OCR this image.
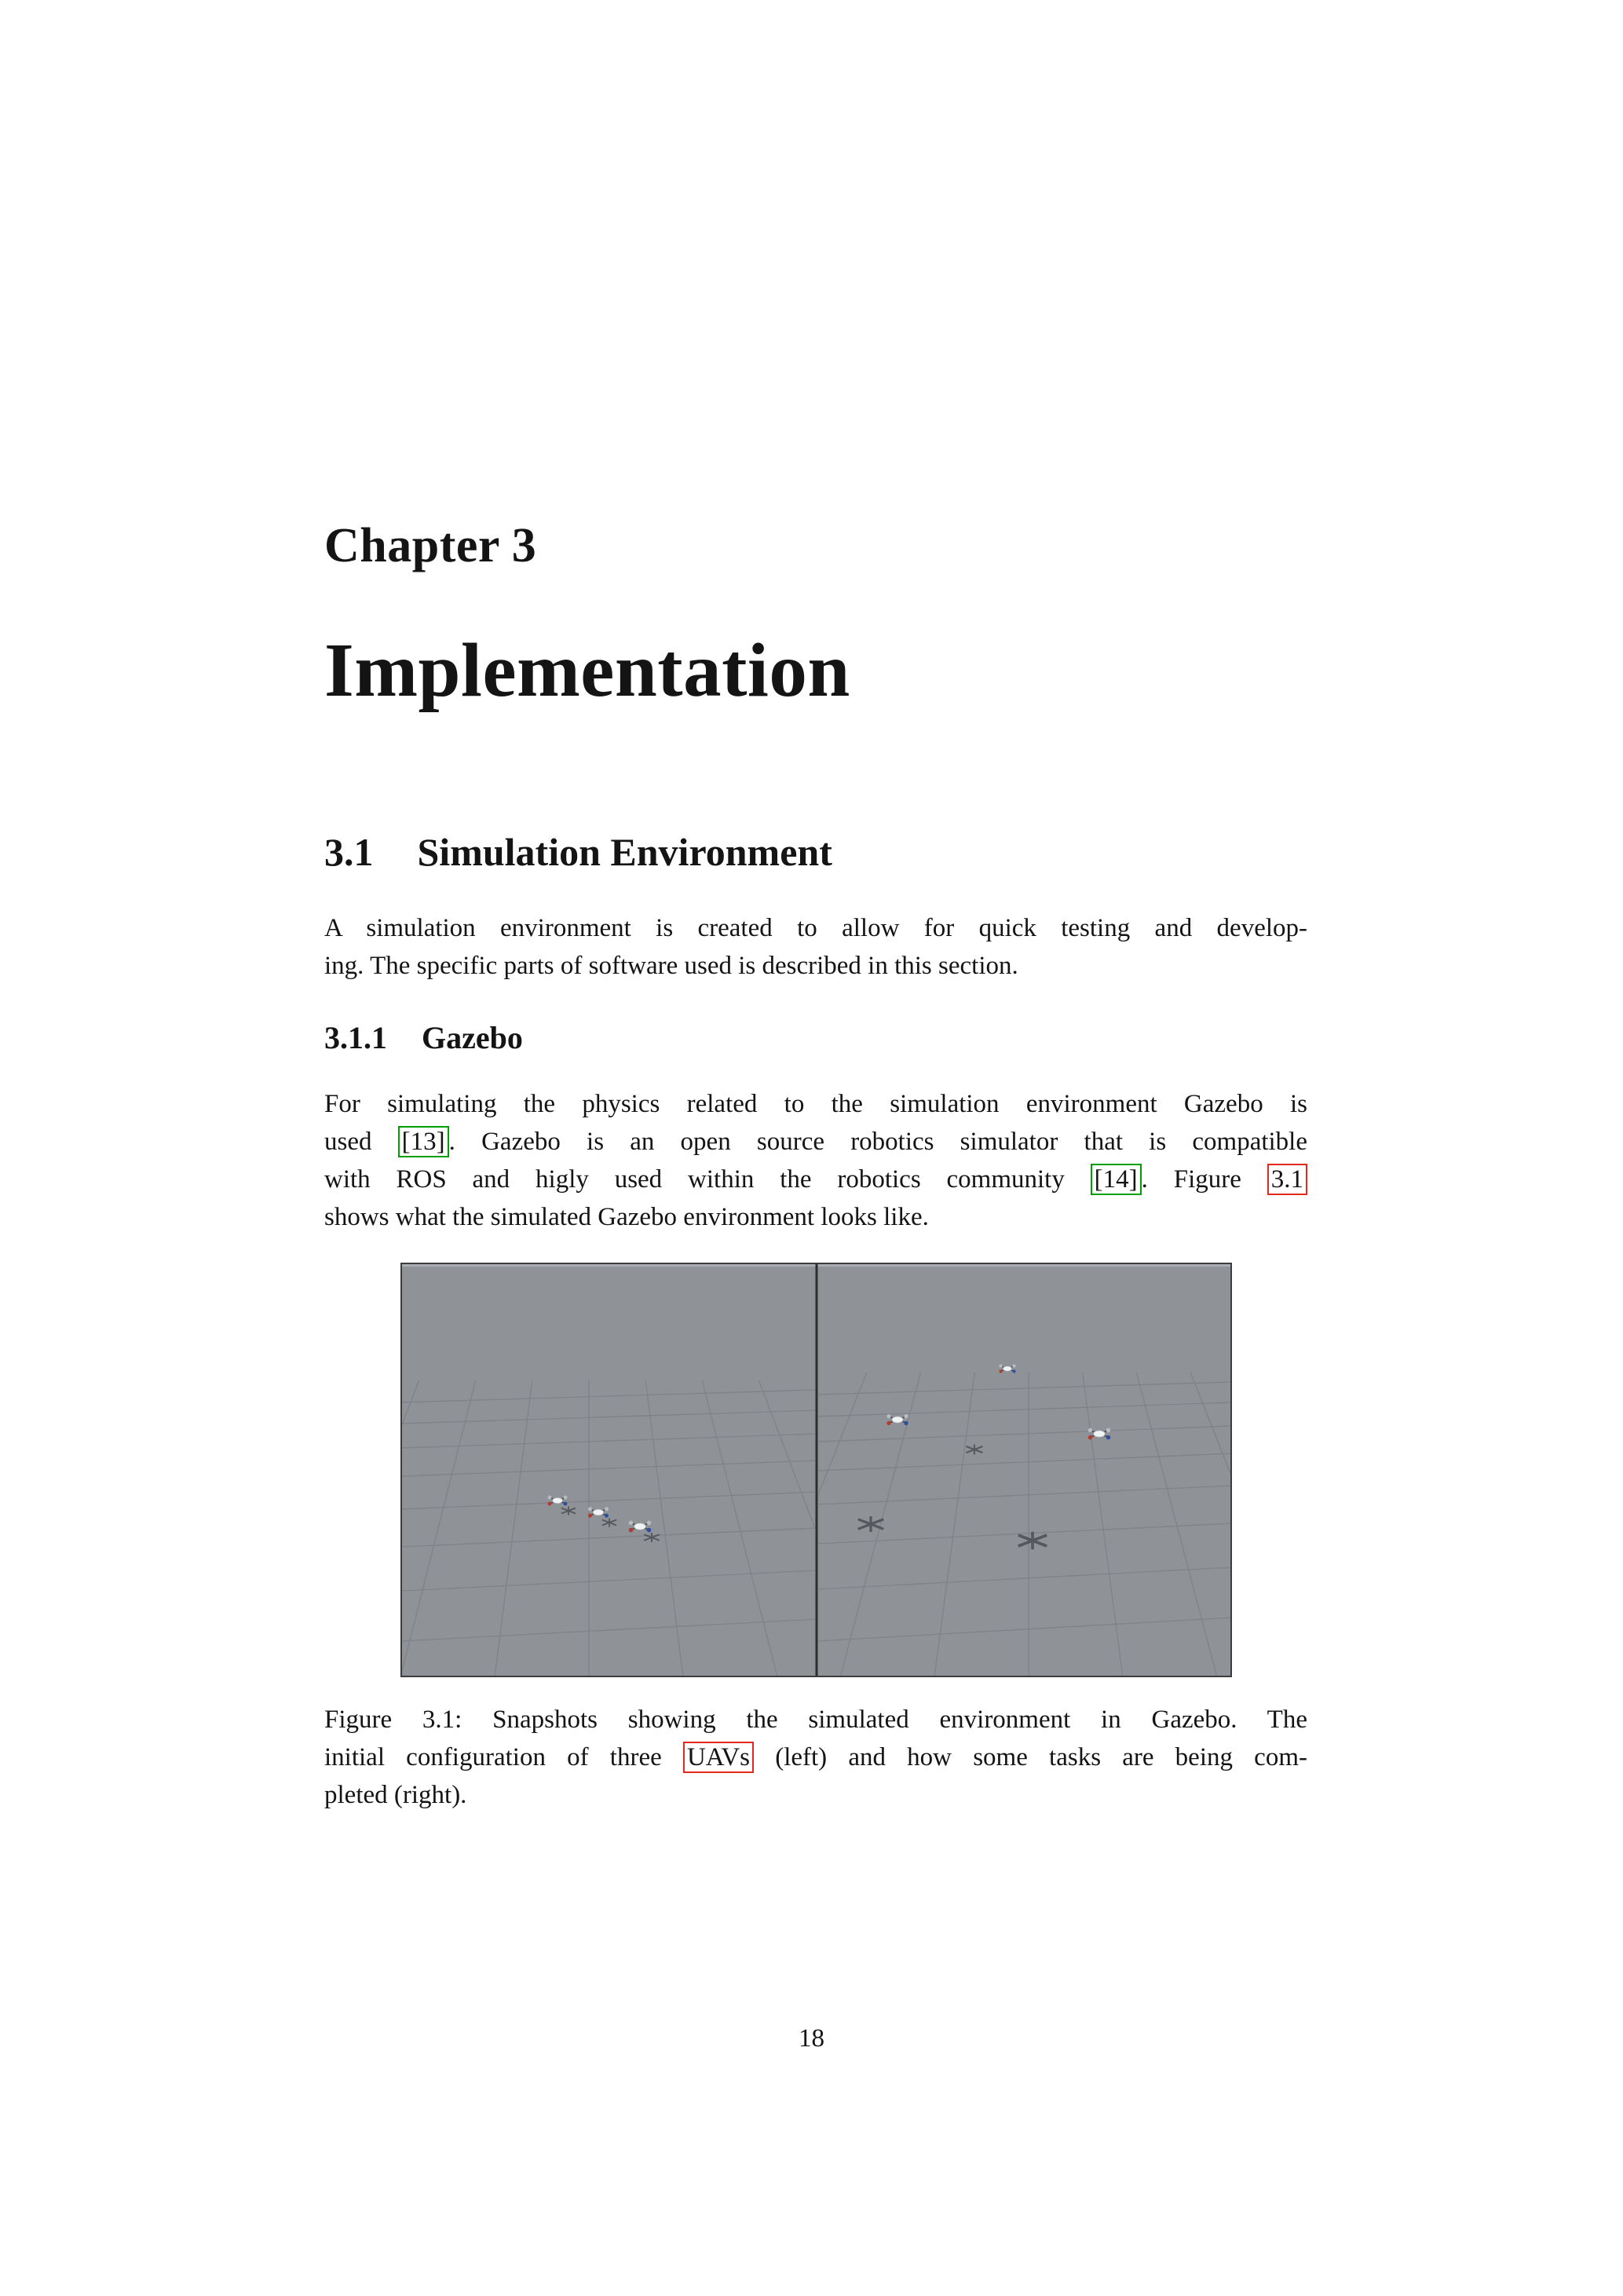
Chapter 3
Implementation
3.1 Simulation Environment
A simulation environment is created to allow for quick testing and develop-
ing. The specific parts of software used is described in this section.
3.1.1 Gazebo
For simulating the physics related to the simulation environment Gazebo is
used [13] . Gazebo is an open source robotics simulator that is compatible
with ROS and higly used within the robotics community [14] . Figure 3.1
shows what the simulated Gazebo environment looks like.
Figure 3.1: Snapshots showing the simulated environment in Gazebo. The
initial configuration of three UAVs (left) and how some tasks are being com-
pleted (right).
18
